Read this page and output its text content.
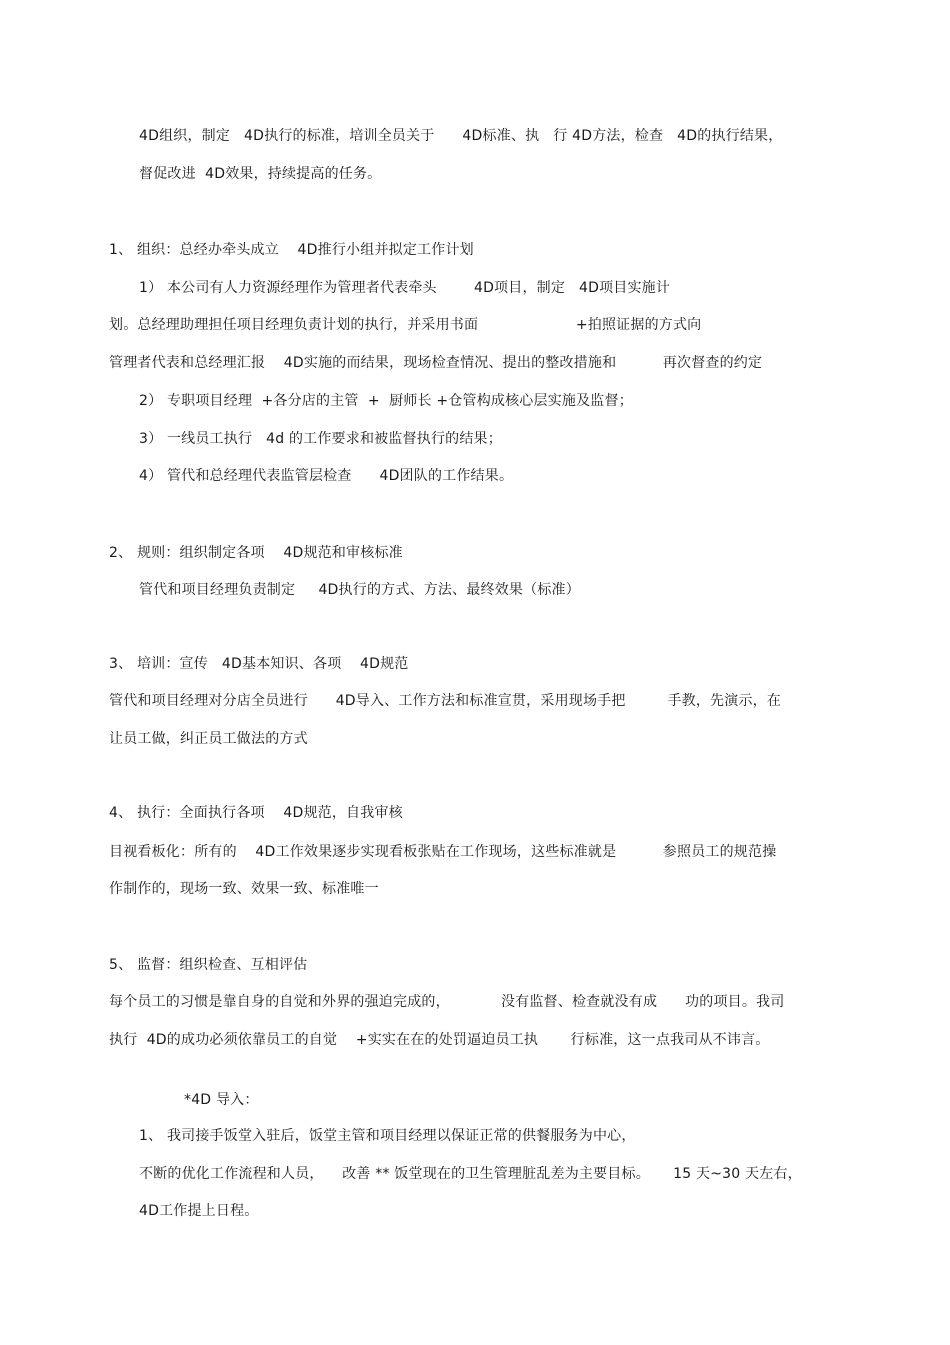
4D组织，制定   4D执行的标准，培训全员关于      4D标准、执   行 4D方法，检查   4D的执行结果，
督促改进  4D效果，持续提高的任务。
1、 组织：总经办牵头成立    4D推行小组并拟定工作计划
1） 本公司有人力资源经理作为管理者代表牵头        4D项目，制定   4D项目实施计
划。总经理助理担任项目经理负责计划的执行，并采用书面                     +拍照证据的方式向
管理者代表和总经理汇报    4D实施的而结果，现场检查情况、提出的整改措施和          再次督查的约定
2） 专职项目经理  +各分店的主管  +  厨师长 +仓管构成核心层实施及监督；
3） 一线员工执行   4d 的工作要求和被监督执行的结果；
4） 管代和总经理代表监管层检查      4D团队的工作结果。
2、 规则：组织制定各项    4D规范和审核标准
管代和项目经理负责制定     4D执行的方式、方法、最终效果（标准）
3、 培训：宣传   4D基本知识、各项    4D规范
管代和项目经理对分店全员进行      4D导入、工作方法和标准宣贯，采用现场手把         手教，先演示，在
让员工做，纠正员工做法的方式
4、 执行：全面执行各项    4D规范，自我审核
目视看板化：所有的    4D工作效果逐步实现看板张贴在工作现场，这些标准就是          参照员工的规范操
作制作的，现场一致、效果一致、标准唯一
5、 监督：组织检查、互相评估
每个员工的习惯是靠自身的自觉和外界的强迫完成的，           没有监督、检查就没有成      功的项目。我司
执行  4D的成功必须依靠员工的自觉    +实实在在的处罚逼迫员工执       行标准，这一点我司从不讳言。
*4D 导入：
1、 我司接手饭堂入驻后，饭堂主管和项目经理以保证正常的供餐服务为中心，
不断的优化工作流程和人员，    改善 ** 饭堂现在的卫生管理脏乱差为主要目标。     15 天~30 天左右，
4D工作提上日程。
